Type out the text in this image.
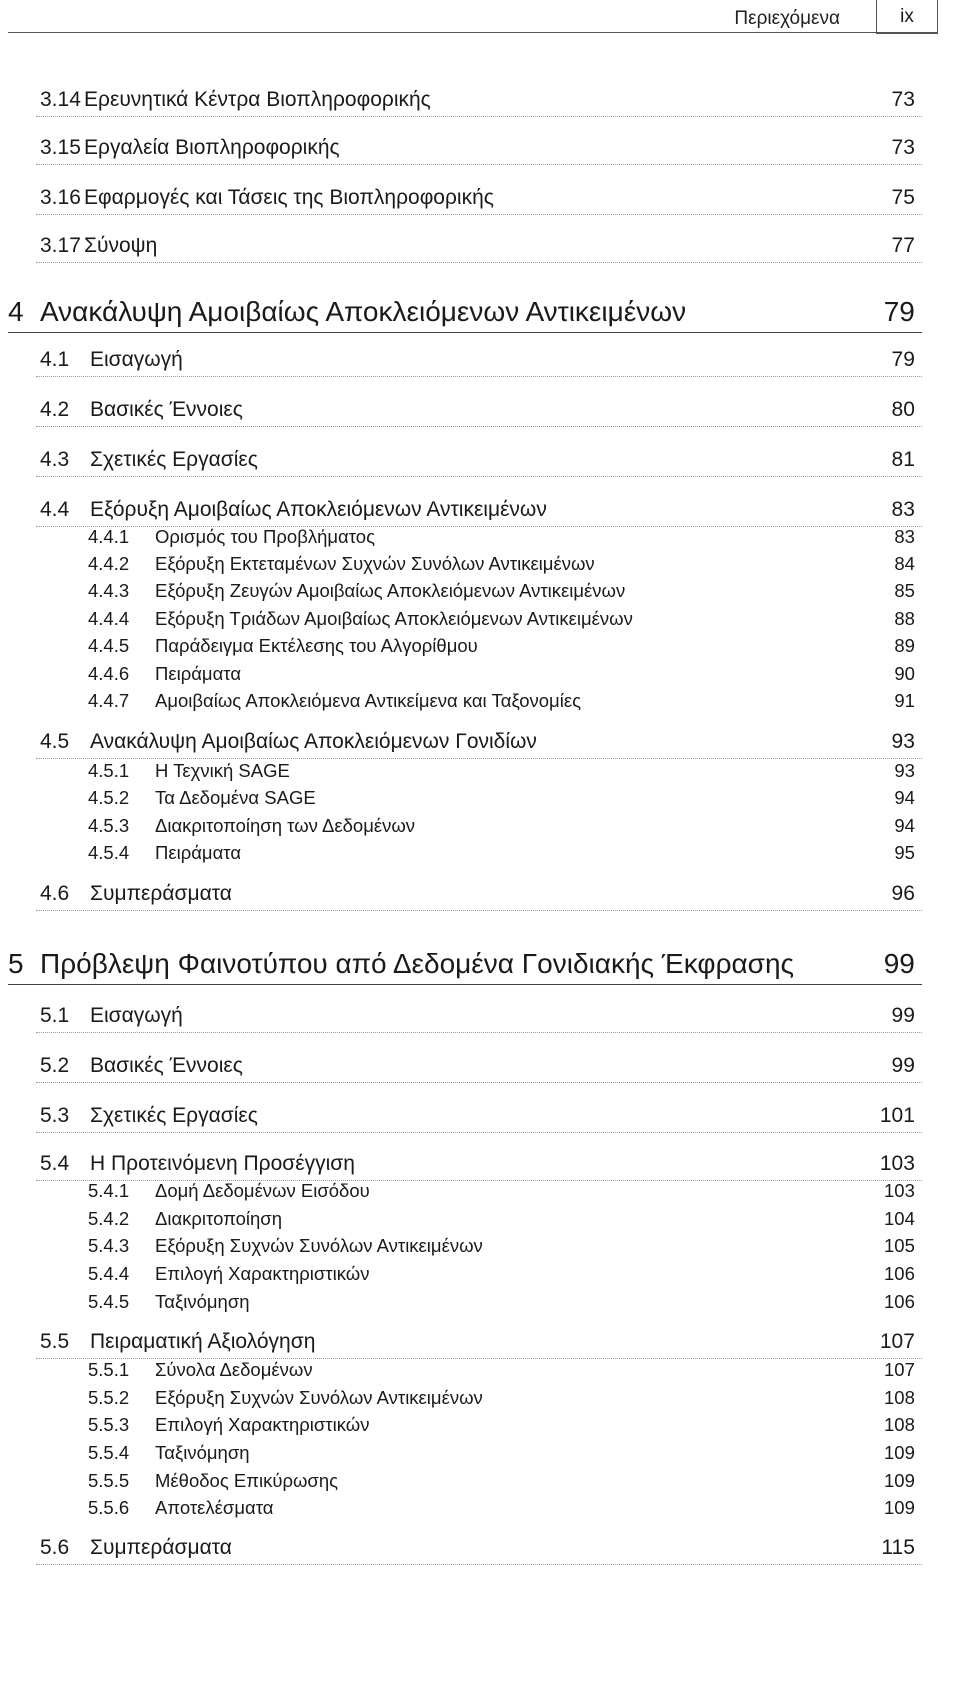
Περιεχόμενα	ix
3.14 Ερευνητικά Κέντρα Βιοπληροφορικής	73
3.15 Εργαλεία Βιοπληροφορικής	73
3.16 Εφαρμογές και Τάσεις της Βιοπληροφορικής	75
3.17 Σύνοψη	77
4 Ανακάλυψη Αμοιβαίως Αποκλειόμενων Αντικειμένων	79
4.1 Εισαγωγή	79
4.2 Βασικές Έννοιες	80
4.3 Σχετικές Εργασίες	81
4.4 Εξόρυξη Αμοιβαίως Αποκλειόμενων Αντικειμένων	83
4.4.1 Ορισμός του Προβλήματος	83
4.4.2 Εξόρυξη Εκτεταμένων Συχνών Συνόλων Αντικειμένων	84
4.4.3 Εξόρυξη Ζευγών Αμοιβαίως Αποκλειόμενων Αντικειμένων	85
4.4.4 Εξόρυξη Τριάδων Αμοιβαίως Αποκλειόμενων Αντικειμένων	88
4.4.5 Παράδειγμα Εκτέλεσης του Αλγορίθμου	89
4.4.6 Πειράματα	90
4.4.7 Αμοιβαίως Αποκλειόμενα Αντικείμενα και Ταξονομίες	91
4.5 Ανακάλυψη Αμοιβαίως Αποκλειόμενων Γονιδίων	93
4.5.1 Η Τεχνική SAGE	93
4.5.2 Τα Δεδομένα SAGE	94
4.5.3 Διακριτοποίηση των Δεδομένων	94
4.5.4 Πειράματα	95
4.6 Συμπεράσματα	96
5 Πρόβλεψη Φαινοτύπου από Δεδομένα Γονιδιακής Έκφρασης	99
5.1 Εισαγωγή	99
5.2 Βασικές Έννοιες	99
5.3 Σχετικές Εργασίες	101
5.4 Η Προτεινόμενη Προσέγγιση	103
5.4.1 Δομή Δεδομένων Εισόδου	103
5.4.2 Διακριτοποίηση	104
5.4.3 Εξόρυξη Συχνών Συνόλων Αντικειμένων	105
5.4.4 Επιλογή Χαρακτηριστικών	106
5.4.5 Ταξινόμηση	106
5.5 Πειραματική Αξιολόγηση	107
5.5.1 Σύνολα Δεδομένων	107
5.5.2 Εξόρυξη Συχνών Συνόλων Αντικειμένων	108
5.5.3 Επιλογή Χαρακτηριστικών	108
5.5.4 Ταξινόμηση	109
5.5.5 Μέθοδος Επικύρωσης	109
5.5.6 Αποτελέσματα	109
5.6 Συμπεράσματα	115
